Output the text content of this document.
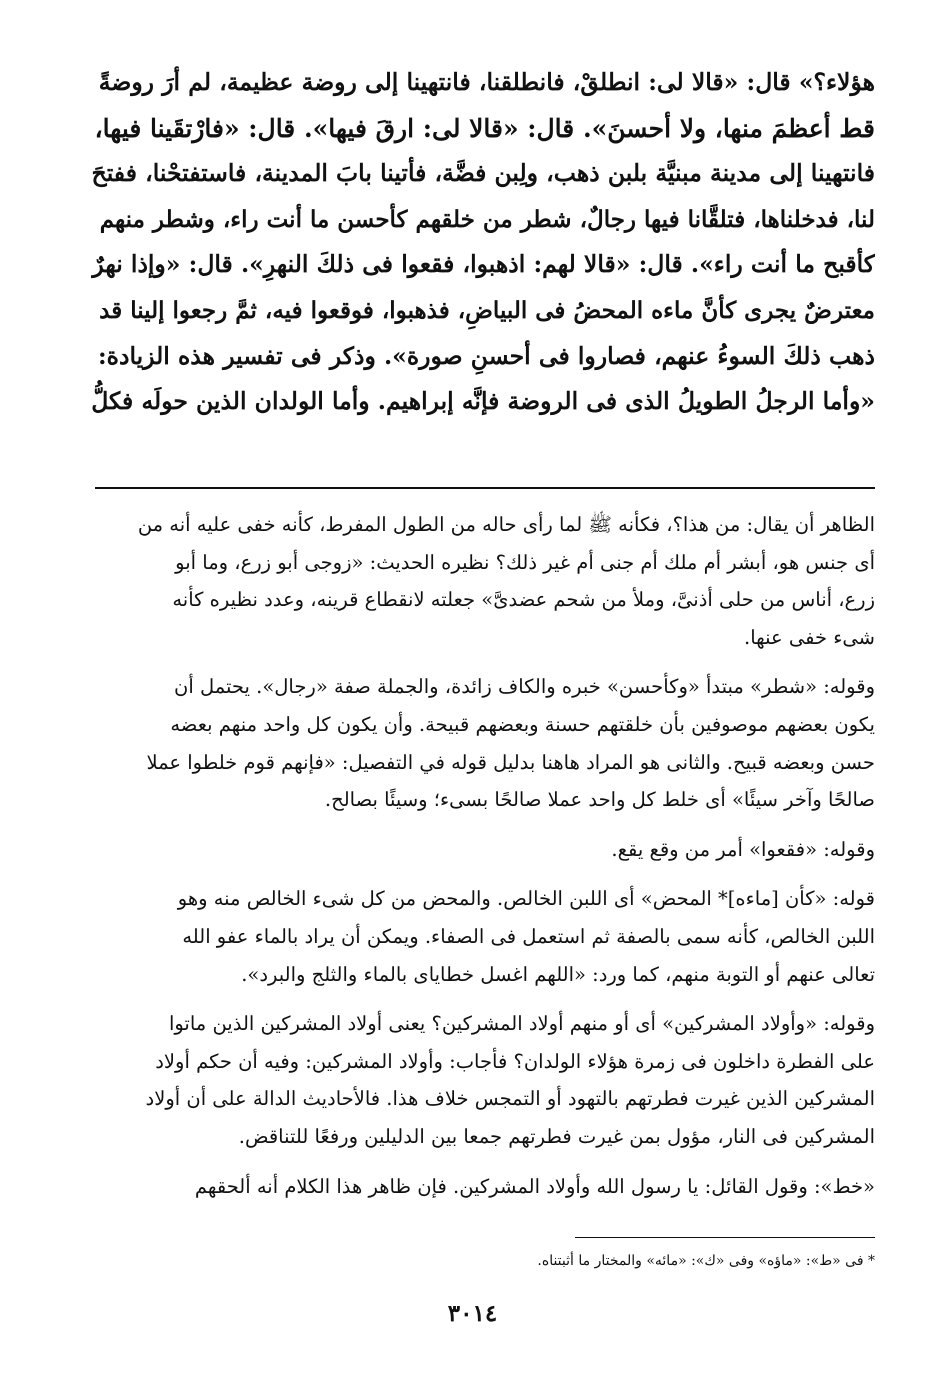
هؤلاء؟» قال: «قالا لى: انطلقْ، فانطلقنا، فانتهينا إلى روضة عظيمة، لم أرَ روضةً
قط أعظمَ منها، ولا أحسنَ». قال: «قالا لى: ارقَ فيها». قال: «فارْتقَينا فيها،
فانتهينا إلى مدينة مبنيَّة بلبن ذهب، ولِبن فضَّة، فأتينا بابَ المدينة، فاستفتحْنا، ففتحَ
لنا، فدخلناها، فتلقَّانا فيها رجالٌ، شطر من خلقهم كأحسن ما أنت راء، وشطر منهم
كأقبح ما أنت راء». قال: «قالا لهم: اذهبوا، فقعوا فى ذلكَ النهرِ». قال: «وإذا نهرٌ
معترضٌ يجرى كأنَّ ماءه المحضُ فى البياضِ، فذهبوا، فوقعوا فيه، ثمَّ رجعوا إلينا قد
ذهب ذلكَ السوءُ عنهم، فصاروا فى أحسنِ صورة». وذكر فى تفسير هذه الزيادة:
«وأما الرجلُ الطويلُ الذى فى الروضة فإنَّه إبراهيم. وأما الولدان الذين حولَه فكلُّ
الظاهر أن يقال: من هذا؟، فكأنه ﷺ لما رأى حاله من الطول المفرط، كأنه خفى عليه أنه من
أى جنس هو، أبشر أم ملك أم جنى أم غير ذلك؟ نظيره الحديث: «زوجى أبو زرع، وما أبو
زرع، أناس من حلى أذنىَّ، وملأ من شحم عضدىَّ» جعلته لانقطاع قرينه، وعدد نظيره كأنه
شىء خفى عنها.
وقوله: «شطر» مبتدأ «وكأحسن» خبره والكاف زائدة، والجملة صفة «رجال». يحتمل أن
يكون بعضهم موصوفين بأن خلقتهم حسنة وبعضهم قبيحة. وأن يكون كل واحد منهم بعضه
حسن وبعضه قبيح. والثانى هو المراد هاهنا بدليل قوله في التفصيل: «فإنهم قوم خلطوا عملا
صالحًا وآخر سيئًا» أى خلط كل واحد عملا صالحًا بسىء؛ وسيئًا بصالح.
وقوله: «فقعوا» أمر من وقع يقع.
قوله: «كأن [ماءه]* المحض» أى اللبن الخالص. والمحض من كل شىء الخالص منه وهو
اللبن الخالص، كأنه سمى بالصفة ثم استعمل فى الصفاء. ويمكن أن يراد بالماء عفو الله
تعالى عنهم أو التوبة منهم، كما ورد: «اللهم اغسل خطاياى بالماء والثلج والبرد».
وقوله: «وأولاد المشركين» أى أو منهم أولاد المشركين؟ يعنى أولاد المشركين الذين ماتوا
على الفطرة داخلون فى زمرة هؤلاء الولدان؟ فأجاب: وأولاد المشركين: وفيه أن حكم أولاد
المشركين الذين غيرت فطرتهم بالتهود أو التمجس خلاف هذا. فالأحاديث الدالة على أن أولاد
المشركين فى النار، مؤول بمن غيرت فطرتهم جمعا بين الدليلين ورفعًا للتناقض.
«خط»: وقول القائل: يا رسول الله وأولاد المشركين. فإن ظاهر هذا الكلام أنه ألحقهم
* فى «ط»: «ماؤه» وفى «ك»: «مائه» والمختار ما أثبتناه.
٣٠١٤
